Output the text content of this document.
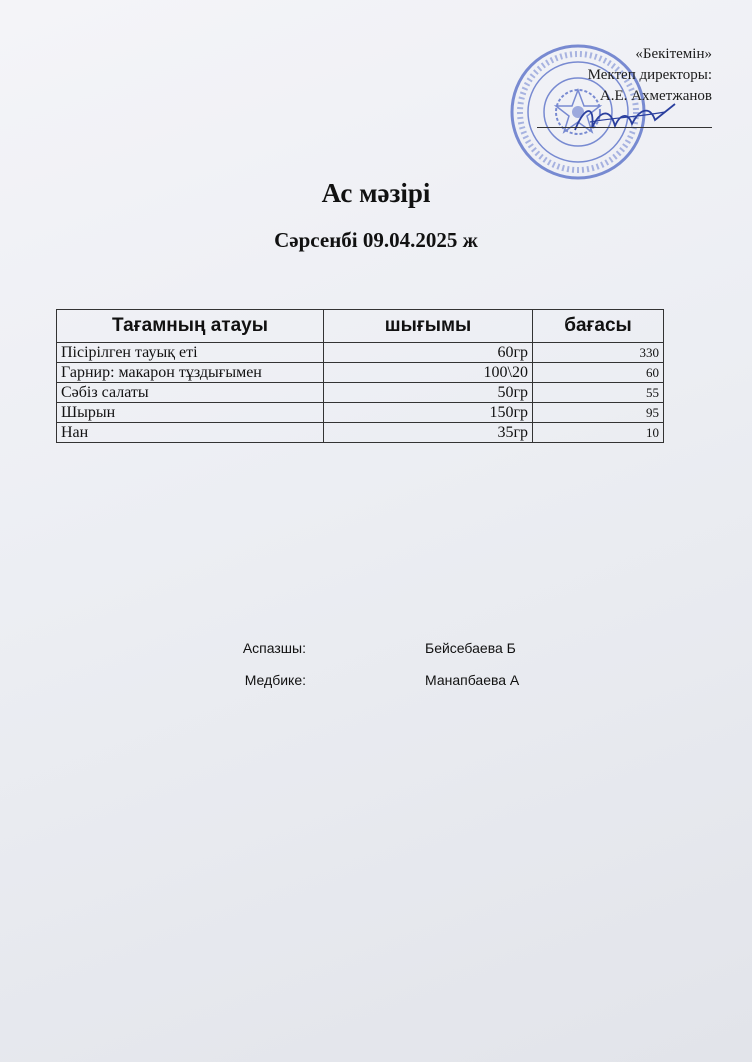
«Бекітемін»
Мектеп директоры:
А.Е. Ахметжанов
Ас мәзірі
Сәрсенбі 09.04.2025 ж
Тағамның атауы	шығымы	бағасы
Пісірілген тауық еті	60гр	330
Гарнир: макарон тұздығымен	100\20	60
Сәбіз салаты	50гр	55
Шырын	150гр	95
Нан	35гр	10
Аспазшы:	Бейсебаева Б
Медбике:	Манапбаева А
